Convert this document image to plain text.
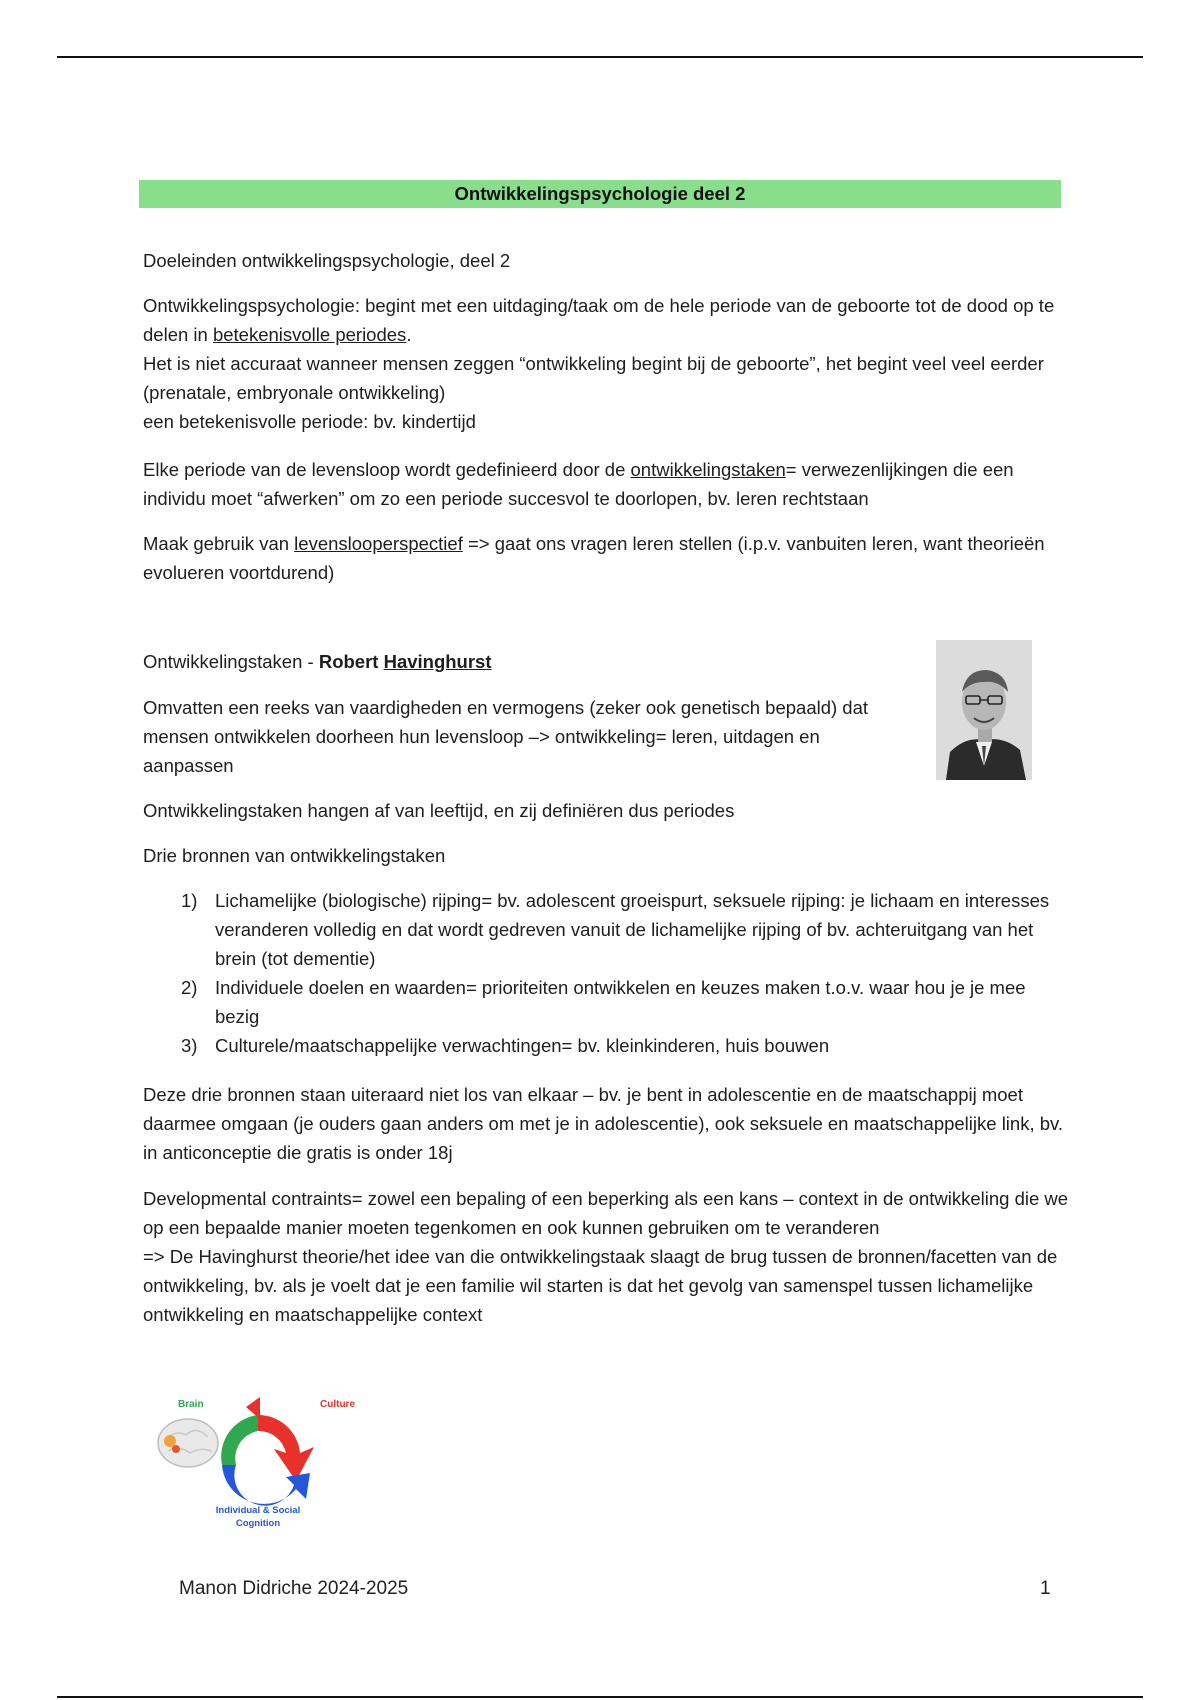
Ontwikkelingspsychologie deel 2

Doeleinden ontwikkelingspsychologie, deel 2

Ontwikkelingspsychologie: begint met een uitdaging/taak om de hele periode van de geboorte tot de dood op te delen in betekenisvolle periodes.
Het is niet accuraat wanneer mensen zeggen “ontwikkeling begint bij de geboorte”, het begint veel veel eerder (prenatale, embryonale ontwikkeling)
een betekenisvolle periode: bv. kindertijd

Elke periode van de levensloop wordt gedefinieerd door de ontwikkelingstaken= verwezenlijkingen die een individu moet “afwerken” om zo een periode succesvol te doorlopen, bv. leren rechtstaan

Maak gebruik van levenslooperspectief => gaat ons vragen leren stellen (i.p.v. vanbuiten leren, want theorieën evolueren voortdurend)

Ontwikkelingstaken - Robert Havinghurst

Omvatten een reeks van vaardigheden en vermogens (zeker ook genetisch bepaald) dat mensen ontwikkelen doorheen hun levensloop –> ontwikkeling= leren, uitdagen en aanpassen

Ontwikkelingstaken hangen af van leeftijd, en zij definiëren dus periodes

Drie bronnen van ontwikkelingstaken

1) Lichamelijke (biologische) rijping= bv. adolescent groeispurt, seksuele rijping: je lichaam en interesses veranderen volledig en dat wordt gedreven vanuit de lichamelijke rijping of bv. achteruitgang van het brein (tot dementie)
2) Individuele doelen en waarden= prioriteiten ontwikkelen en keuzes maken t.o.v. waar hou je je mee bezig
3) Culturele/maatschappelijke verwachtingen= bv. kleinkinderen, huis bouwen

Deze drie bronnen staan uiteraard niet los van elkaar – bv. je bent in adolescentie en de maatschappij moet daarmee omgaan (je ouders gaan anders om met je in adolescentie), ook seksuele en maatschappelijke link, bv. in anticonceptie die gratis is onder 18j

Developmental contraints= zowel een bepaling of een beperking als een kans – context in de ontwikkeling die we op een bepaalde manier moeten tegenkomen en ook kunnen gebruiken om te veranderen
=> De Havinghurst theorie/het idee van die ontwikkelingstaak slaagt de brug tussen de bronnen/facetten van de ontwikkeling, bv. als je voelt dat je een familie wil starten is dat het gevolg van samenspel tussen lichamelijke ontwikkeling en maatschappelijke context

Brain	Culture
Individual & Social
Cognition
Manon Didriche 2024-2025	1
